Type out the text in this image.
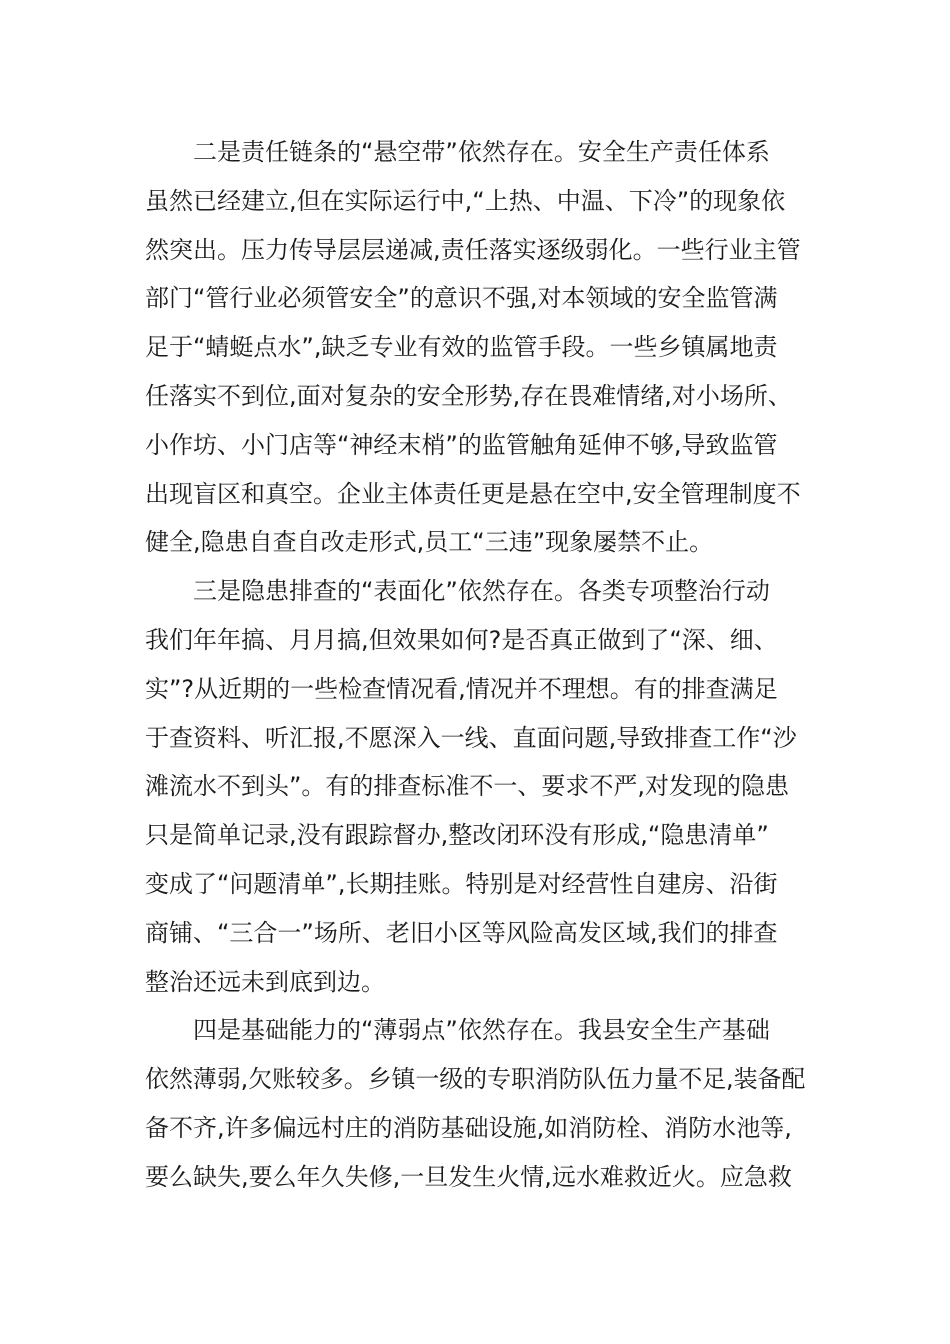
二是责任链条的“悬空带”依然存在。安全生产责任体系
虽然已经建立,但在实际运行中,“上热、中温、下冷”的现象依
然突出。压力传导层层递减,责任落实逐级弱化。一些行业主管
部门“管行业必须管安全”的意识不强,对本领域的安全监管满
足于“蜻蜓点水”,缺乏专业有效的监管手段。一些乡镇属地责
任落实不到位,面对复杂的安全形势,存在畏难情绪,对小场所、
小作坊、小门店等“神经末梢”的监管触角延伸不够,导致监管
出现盲区和真空。企业主体责任更是悬在空中,安全管理制度不
健全,隐患自查自改走形式,员工“三违”现象屡禁不止。
三是隐患排查的“表面化”依然存在。各类专项整治行动
我们年年搞、月月搞,但效果如何?是否真正做到了“深、细、
实”?从近期的一些检查情况看,情况并不理想。有的排查满足
于查资料、听汇报,不愿深入一线、直面问题,导致排查工作“沙
滩流水不到头”。有的排查标准不一、要求不严,对发现的隐患
只是简单记录,没有跟踪督办,整改闭环没有形成,“隐患清单”
变成了“问题清单”,长期挂账。特别是对经营性自建房、沿街
商铺、“三合一”场所、老旧小区等风险高发区域,我们的排查
整治还远未到底到边。
四是基础能力的“薄弱点”依然存在。我县安全生产基础
依然薄弱,欠账较多。乡镇一级的专职消防队伍力量不足,装备配
备不齐,许多偏远村庄的消防基础设施,如消防栓、消防水池等,
要么缺失,要么年久失修,一旦发生火情,远水难救近火。应急救
